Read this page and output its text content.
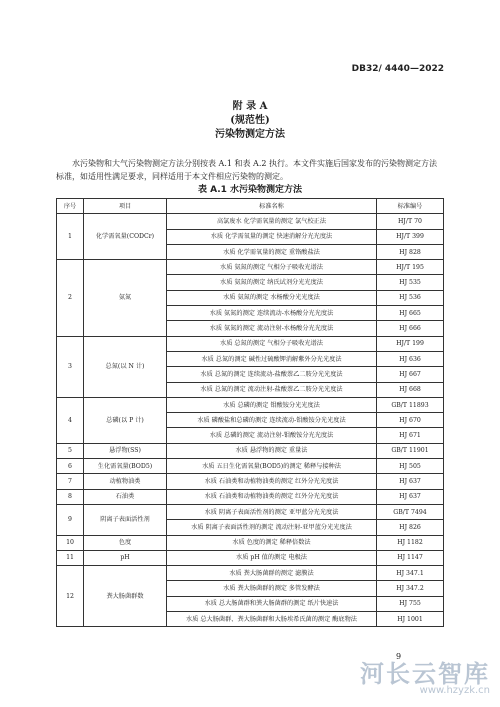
DB32/ 4440—2022
附 录 A
(规范性)
污染物测定方法

水污染物和大气污染物测定方法分别按表 A.1 和表 A.2 执行。本文件实施后国家发布的污染物测定方法标准，如适用性满足要求，同样适用于本文件相应污染物的测定。

表 A.1 水污染物测定方法
序号	项目	标准名称	标准编号
1	化学需氧量(CODCr)	高氯废水 化学需氧量的测定 氯气校正法	HJ/T 70
		水质 化学需氧量的测定 快速消解分光光度法	HJ/T 399
		水质 化学需氧量的测定 重铬酸盐法	HJ 828
2	氨氮	水质 氨氮的测定 气相分子吸收光谱法	HJ/T 195
		水质 氨氮的测定 纳氏试剂分光光度法	HJ 535
		水质 氨氮的测定 水杨酸分光光度法	HJ 536
		水质 氨氮的测定 连续流动-水杨酸分光光度法	HJ 665
		水质 氨氮的测定 流动注射-水杨酸分光光度法	HJ 666
3	总氮(以 N 计)	水质 总氮的测定 气相分子吸收光谱法	HJ/T 199
		水质 总氮的测定 碱性过硫酸钾消解紫外分光光度法	HJ 636
		水质 总氮的测定 连续流动-盐酸萘乙二胺分光光度法	HJ 667
		水质 总氮的测定 流动注射-盐酸萘乙二胺分光光度法	HJ 668
4	总磷(以 P 计)	水质 总磷的测定 钼酸铵分光光度法	GB/T 11893
		水质 磷酸盐和总磷的测定 连续流动-钼酸铵分光光度法	HJ 670
		水质 总磷的测定 流动注射-钼酸铵分光光度法	HJ 671
5	悬浮物(SS)	水质 悬浮物的测定 重量法	GB/T 11901
6	生化需氧量(BOD5)	水质 五日生化需氧量(BOD5)的测定 稀释与接种法	HJ 505
7	动植物油类	水质 石油类和动植物油类的测定 红外分光光度法	HJ 637
8	石油类	水质 石油类和动植物油类的测定 红外分光光度法	HJ 637
9	阴离子表面活性剂	水质 阴离子表面活性剂的测定 亚甲蓝分光光度法	GB/T 7494
		水质 阴离子表面活性剂的测定 流动注射-亚甲蓝分光光度法	HJ 826
10	色度	水质 色度的测定 稀释倍数法	HJ 1182
11	pH	水质 pH 值的测定 电极法	HJ 1147
12	粪大肠菌群数	水质 粪大肠菌群的测定 滤膜法	HJ 347.1
		水质 粪大肠菌群的测定 多管发酵法	HJ 347.2
		水质 总大肠菌群和粪大肠菌群的测定 纸片快速法	HJ 755
		水质 总大肠菌群、粪大肠菌群和大肠埃希氏菌的测定 酶底物法	HJ 1001
9
河长云智库
www.hzyzk.cn
